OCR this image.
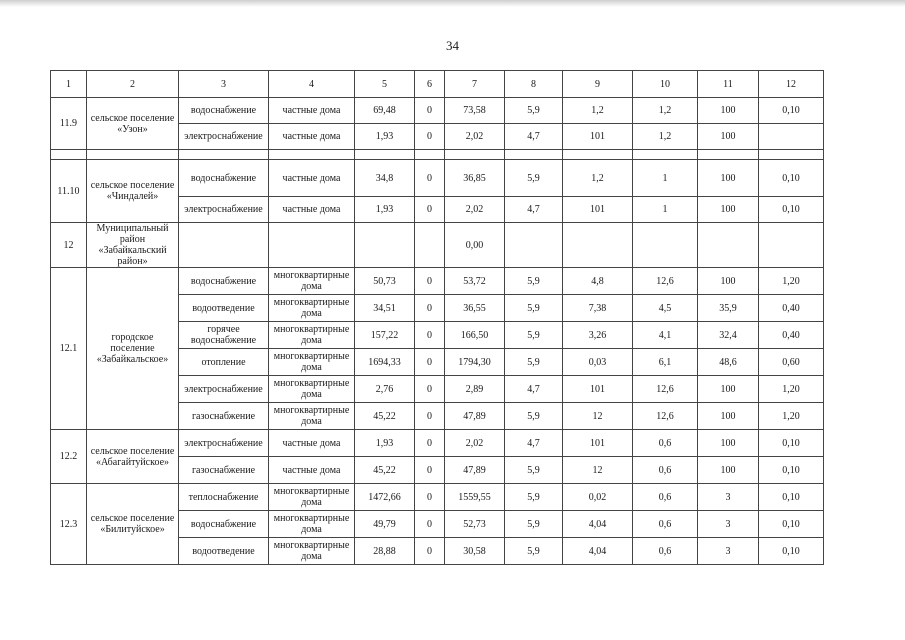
34
1	2	3	4	5	6	7	8	9	10	11	12
11.9	сельское поселение «Узон»	водоснабжение	частные дома	69,48	0	73,58	5,9	1,2	1,2	100	0,10
		электроснабжение	частные дома	1,93	0	2,02	4,7	101	1,2	100	

11.10	сельское поселение «Чиндалей»	водоснабжение	частные дома	34,8	0	36,85	5,9	1,2	1	100	0,10
		электроснабжение	частные дома	1,93	0	2,02	4,7	101	1	100	0,10
12	Муниципальный район «Забайкальский район»					0,00					
12.1	городское поселение «Забайкальское»	водоснабжение	многоквартирные дома	50,73	0	53,72	5,9	4,8	12,6	100	1,20
		водоотведение	многоквартирные дома	34,51	0	36,55	5,9	7,38	4,5	35,9	0,40
		горячее водоснабжение	многоквартирные дома	157,22	0	166,50	5,9	3,26	4,1	32,4	0,40
		отопление	многоквартирные дома	1694,33	0	1794,30	5,9	0,03	6,1	48,6	0,60
		электроснабжение	многоквартирные дома	2,76	0	2,89	4,7	101	12,6	100	1,20
		газоснабжение	многоквартирные дома	45,22	0	47,89	5,9	12	12,6	100	1,20
12.2	сельское поселение «Абагайтуйское»	электроснабжение	частные дома	1,93	0	2,02	4,7	101	0,6	100	0,10
		газоснабжение	частные дома	45,22	0	47,89	5,9	12	0,6	100	0,10
12.3	сельское поселение «Билитуйское»	теплоснабжение	многоквартирные дома	1472,66	0	1559,55	5,9	0,02	0,6	3	0,10
		водоснабжение	многоквартирные дома	49,79	0	52,73	5,9	4,04	0,6	3	0,10
		водоотведение	многоквартирные дома	28,88	0	30,58	5,9	4,04	0,6	3	0,10
